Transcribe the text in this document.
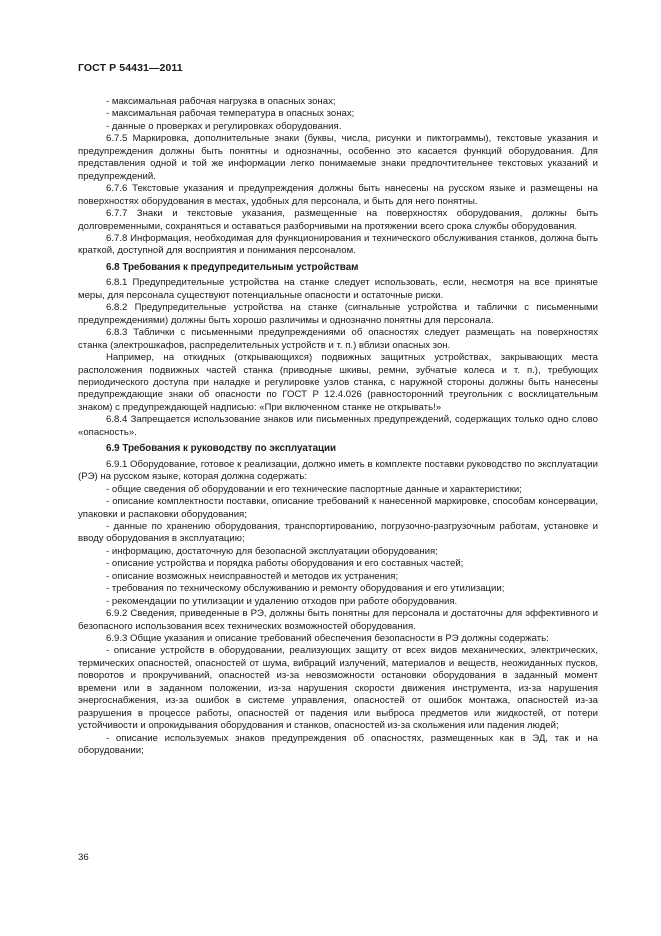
ГОСТ Р 54431—2011

- максимальная рабочая нагрузка в опасных зонах;

- максимальная рабочая температура в опасных зонах;

- данные о проверках и регулировках оборудования.

6.7.5 Маркировка, дополнительные знаки (буквы, числа, рисунки и пиктограммы), текстовые указания и предупреждения должны быть понятны и однозначны, особенно это касается функций оборудования. Для представления одной и той же информации легко понимаемые знаки предпочтительнее текстовых указаний и предупреждений.

6.7.6 Текстовые указания и предупреждения должны быть нанесены на русском языке и размещены на поверхностях оборудования в местах, удобных для персонала, и быть для него понятны.

6.7.7 Знаки и текстовые указания, размещенные на поверхностях оборудования, должны быть долговременными, сохраняться и оставаться разборчивыми на протяжении всего срока службы оборудования.

6.7.8 Информация, необходимая для функционирования и технического обслуживания станков, должна быть краткой, доступной для восприятия и понимания персоналом.

6.8 Требования к предупредительным устройствам

6.8.1 Предупредительные устройства на станке следует использовать, если, несмотря на все принятые меры, для персонала существуют потенциальные опасности и остаточные риски.

6.8.2 Предупредительные устройства на станке (сигнальные устройства и таблички с письменными предупреждениями) должны быть хорошо различимы и однозначно понятны для персонала.

6.8.3 Таблички с письменными предупреждениями об опасностях следует размещать на поверхностях станка (электрошкафов, распределительных устройств и т. п.) вблизи опасных зон.

Например, на откидных (открывающихся) подвижных защитных устройствах, закрывающих места расположения подвижных частей станка (приводные шкивы, ремни, зубчатые колеса и т. п.), требующих периодического доступа при наладке и регулировке узлов станка, с наружной стороны должны быть нанесены предупреждающие знаки об опасности по ГОСТ Р 12.4.026 (равносторонний треугольник с восклицательным знаком) с предупреждающей надписью: «При включенном станке не открывать!»

6.8.4 Запрещается использование знаков или письменных предупреждений, содержащих только одно слово «опасность».

6.9 Требования к руководству по эксплуатации

6.9.1 Оборудование, готовое к реализации, должно иметь в комплекте поставки руководство по эксплуатации (РЭ) на русском языке, которая должна содержать:

- общие сведения об оборудовании и его технические паспортные данные и характеристики;

- описание комплектности поставки, описание требований к нанесенной маркировке, способам консервации, упаковки и распаковки оборудования;

- данные по хранению оборудования, транспортированию, погрузочно-разгрузочным работам, установке и вводу оборудования в эксплуатацию;

- информацию, достаточную для безопасной эксплуатации оборудования;

- описание устройства и порядка работы оборудования и его составных частей;

- описание возможных неисправностей и методов их устранения;

- требования по техническому обслуживанию и ремонту оборудования и его утилизации;

- рекомендации по утилизации и удалению отходов при работе оборудования.

6.9.2 Сведения, приведенные в РЭ, должны быть понятны для персонала и достаточны для эффективного и безопасного использования всех технических возможностей оборудования.

6.9.3 Общие указания и описание требований обеспечения безопасности в РЭ должны содержать:

- описание устройств в оборудовании, реализующих защиту от всех видов механических, электрических, термических опасностей, опасностей от шума, вибраций излучений, материалов и веществ, неожиданных пусков, поворотов и прокручиваний, опасностей из-за невозможности остановки оборудования в заданный момент времени или в заданном положении, из-за нарушения скорости движения инструмента, из-за нарушения энергоснабжения, из-за ошибок в системе управления, опасностей от ошибок монтажа, опасностей из-за разрушения в процессе работы, опасностей от падения или выброса предметов или жидкостей, от потери устойчивости и опрокидывания оборудования и станков, опасностей из-за скольжения или падения людей;

- описание используемых знаков предупреждения об опасностях, размещенных как в ЭД, так и на оборудовании;

36
